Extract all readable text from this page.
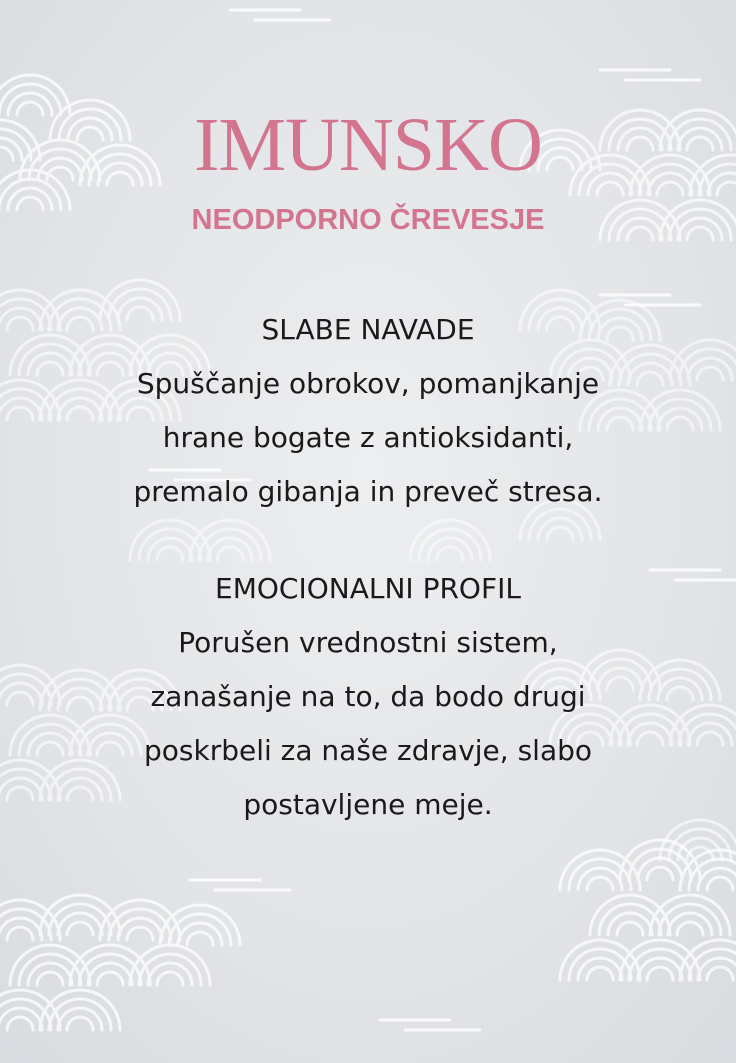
IMUNSKO
NEODPORNO ČREVESJE
SLABE NAVADE
Spuščanje obrokov, pomanjkanje
hrane bogate z antioksidanti,
premalo gibanja in preveč stresa.
EMOCIONALNI PROFIL
Porušen vrednostni sistem,
zanašanje na to, da bodo drugi
poskrbeli za naše zdravje, slabo
postavljene meje.
